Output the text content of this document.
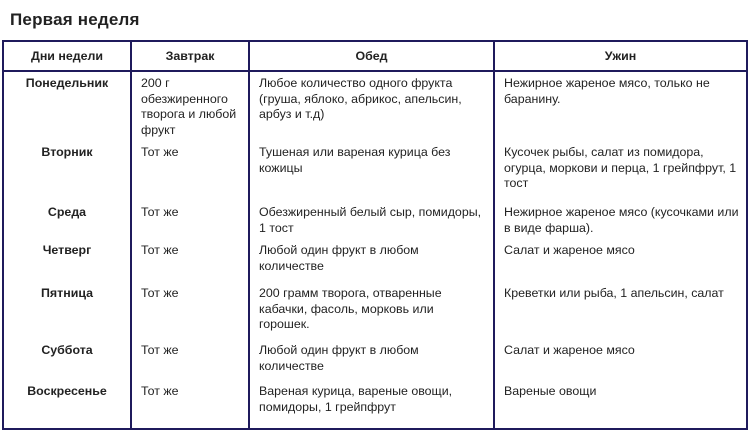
Первая неделя
Дни недели	Завтрак	Обед	Ужин
Понедельник	200 г обезжиренного творога и любой фрукт	Любое количество одного фрукта (груша, яблоко, абрикос, апельсин, арбуз и т.д)	Нежирное жареное мясо, только не баранину.
Вторник	Тот же	Тушеная или вареная курица без кожицы	Кусочек рыбы, салат из помидора, огурца, моркови и перца, 1 грейпфрут, 1 тост
Среда	Тот же	Обезжиренный белый сыр, помидоры, 1 тост	Нежирное жареное мясо (кусочками или в виде фарша).
Четверг	Тот же	Любой один фрукт в любом количестве	Салат и жареное мясо
Пятница	Тот же	200 грамм творога, отваренные кабачки, фасоль, морковь или горошек.	Креветки или рыба, 1 апельсин, салат
Суббота	Тот же	Любой один фрукт в любом количестве	Салат и жареное мясо
Воскресенье	Тот же	Вареная курица, вареные овощи, помидоры, 1 грейпфрут	Вареные овощи
